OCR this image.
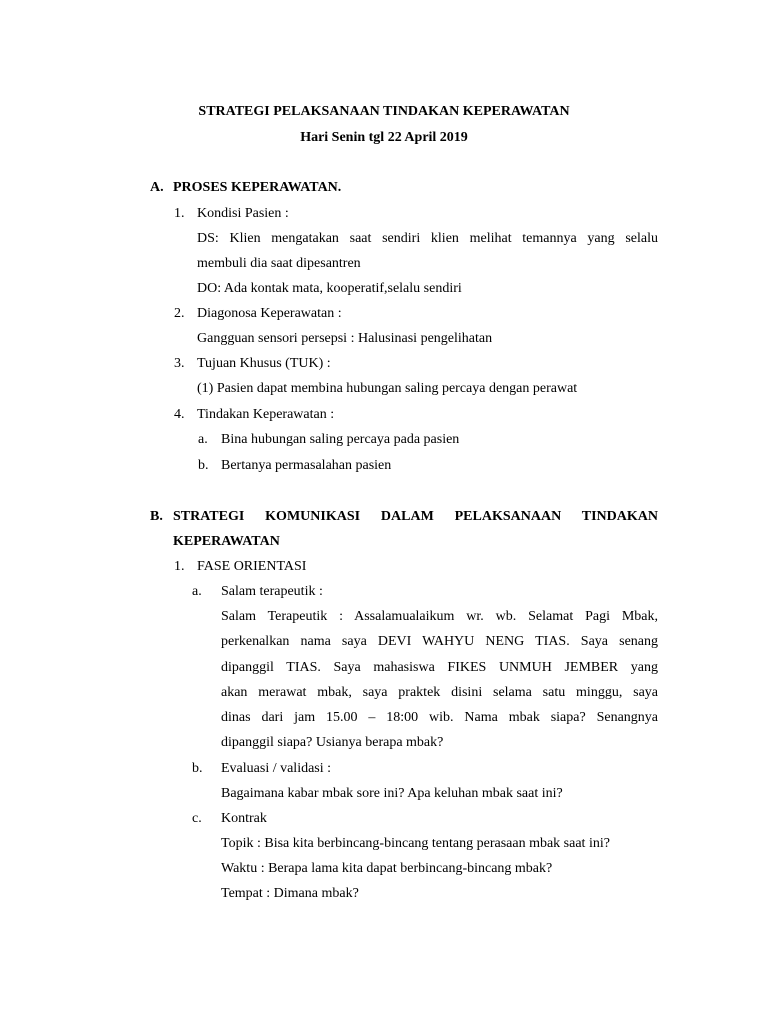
STRATEGI PELAKSANAAN TINDAKAN KEPERAWATAN
Hari Senin tgl 22 April 2019
A. PROSES KEPERAWATAN.
1. Kondisi Pasien :
DS: Klien mengatakan saat sendiri klien melihat temannya yang selalu
membuli dia saat dipesantren
DO: Ada kontak mata, kooperatif,selalu sendiri
2. Diagonosa Keperawatan :
Gangguan sensori persepsi : Halusinasi pengelihatan
3. Tujuan Khusus (TUK) :
(1) Pasien dapat membina hubungan saling percaya dengan perawat
4. Tindakan Keperawatan :
a. Bina hubungan saling percaya pada pasien
b. Bertanya permasalahan pasien
B. STRATEGI KOMUNIKASI DALAM PELAKSANAAN TINDAKAN
KEPERAWATAN
1. FASE ORIENTASI
a. Salam terapeutik :
Salam Terapeutik : Assalamualaikum wr. wb. Selamat Pagi Mbak,
perkenalkan nama saya DEVI WAHYU NENG TIAS. Saya senang
dipanggil TIAS. Saya mahasiswa FIKES UNMUH JEMBER yang
akan merawat mbak, saya praktek disini selama satu minggu, saya
dinas dari jam 15.00 – 18:00 wib. Nama mbak siapa? Senangnya
dipanggil siapa? Usianya berapa mbak?
b. Evaluasi / validasi :
Bagaimana kabar mbak sore ini? Apa keluhan mbak saat ini?
c. Kontrak
Topik : Bisa kita berbincang-bincang tentang perasaan mbak saat ini?
Waktu : Berapa lama kita dapat berbincang-bincang mbak?
Tempat : Dimana mbak?
